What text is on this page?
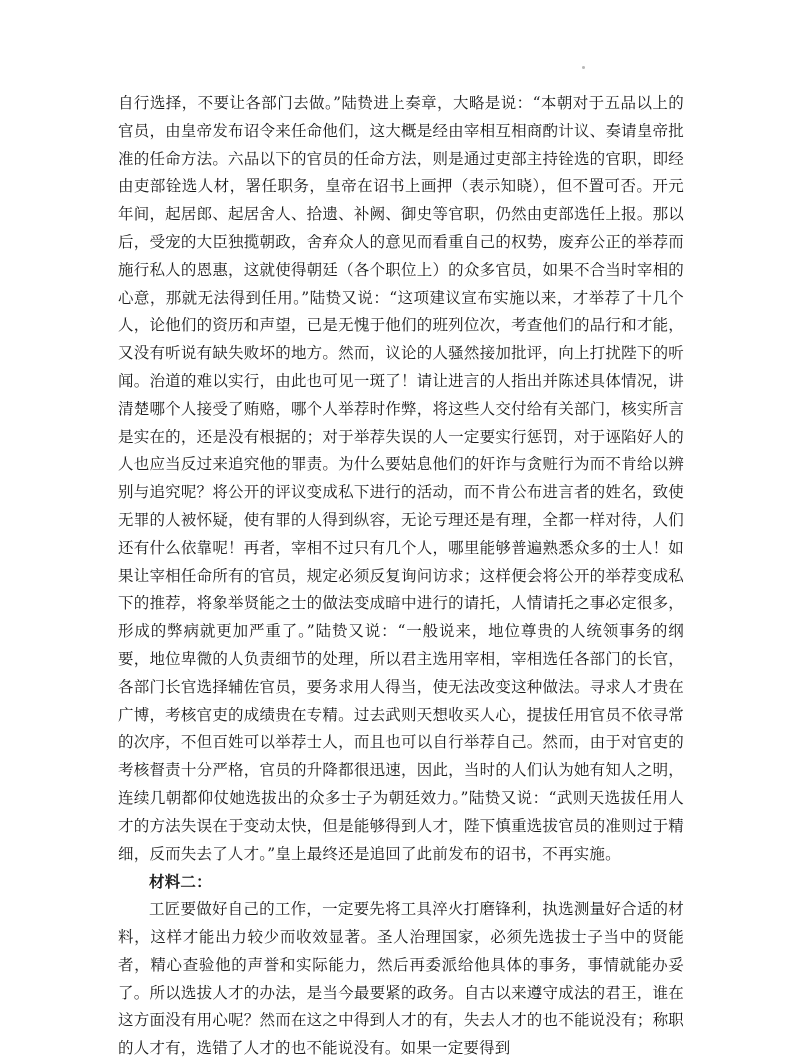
自行选择，不要让各部门去做。”陆贽进上奏章，大略是说：“本朝对于五品以上的官员，由皇帝发布诏令来任命他们，这大概是经由宰相互相商酌计议、奏请皇帝批准的任命方法。六品以下的官员的任命方法，则是通过吏部主持铨选的官职，即经由吏部铨选人材，署任职务，皇帝在诏书上画押（表示知晓），但不置可否。开元年间，起居郎、起居舍人、拾遗、补阙、御史等官职，仍然由吏部选任上报。那以后，受宠的大臣独揽朝政，舍弃众人的意见而看重自己的权势，废弃公正的举荐而施行私人的恩惠，这就使得朝廷（各个职位上）的众多官员，如果不合当时宰相的心意，那就无法得到任用。”陆贽又说：“这项建议宣布实施以来，才举荐了十几个人，论他们的资历和声望，已是无愧于他们的班列位次，考查他们的品行和才能，又没有听说有缺失败坏的地方。然而，议论的人骚然接加批评，向上打扰陛下的听闻。治道的难以实行，由此也可见一斑了！请让进言的人指出并陈述具体情况，讲清楚哪个人接受了贿赂，哪个人举荐时作弊，将这些人交付给有关部门，核实所言是实在的，还是没有根据的；对于举荐失误的人一定要实行惩罚，对于诬陷好人的人也应当反过来追究他的罪责。为什么要姑息他们的奸诈与贪赃行为而不肯给以辨别与追究呢？将公开的评议变成私下进行的活动，而不肯公布进言者的姓名，致使无罪的人被怀疑，使有罪的人得到纵容，无论亏理还是有理，全都一样对待，人们还有什么依靠呢！再者，宰相不过只有几个人，哪里能够普遍熟悉众多的士人！如果让宰相任命所有的官员，规定必须反复询问访求；这样便会将公开的举荐变成私下的推荐，将象举贤能之士的做法变成暗中进行的请托，人情请托之事必定很多，形成的弊病就更加严重了。”陆贽又说：“一般说来，地位尊贵的人统领事务的纲要，地位卑微的人负责细节的处理，所以君主选用宰相，宰相选任各部门的长官，各部门长官选择辅佐官员，要务求用人得当，使无法改变这种做法。寻求人才贵在广博，考核官吏的成绩贵在专精。过去武则天想收买人心，提拔任用官员不依寻常的次序，不但百姓可以举荐士人，而且也可以自行举荐自己。然而，由于对官吏的考核督责十分严格，官员的升降都很迅速，因此，当时的人们认为她有知人之明，连续几朝都仰仗她选拔出的众多士子为朝廷效力。”陆贽又说：“武则天选拔任用人才的方法失误在于变动太快，但是能够得到人才，陛下慎重选拔官员的准则过于精细，反而失去了人才。”皇上最终还是追回了此前发布的诏书，不再实施。

材料二：

工匠要做好自己的工作，一定要先将工具淬火打磨锋利，执选测量好合适的材料，这样才能出力较少而收效显著。圣人治理国家，必须先选拔士子当中的贤能者，精心查验他的声誉和实际能力，然后再委派给他具体的事务，事情就能办妥了。所以选拔人才的办法，是当今最要紧的政务。自古以来遵守成法的君王，谁在这方面没有用心呢？然而在这之中得到人才的有，失去人才的也不能说没有；称职的人才有，选错了人才的也不能说没有。如果一定要得到
